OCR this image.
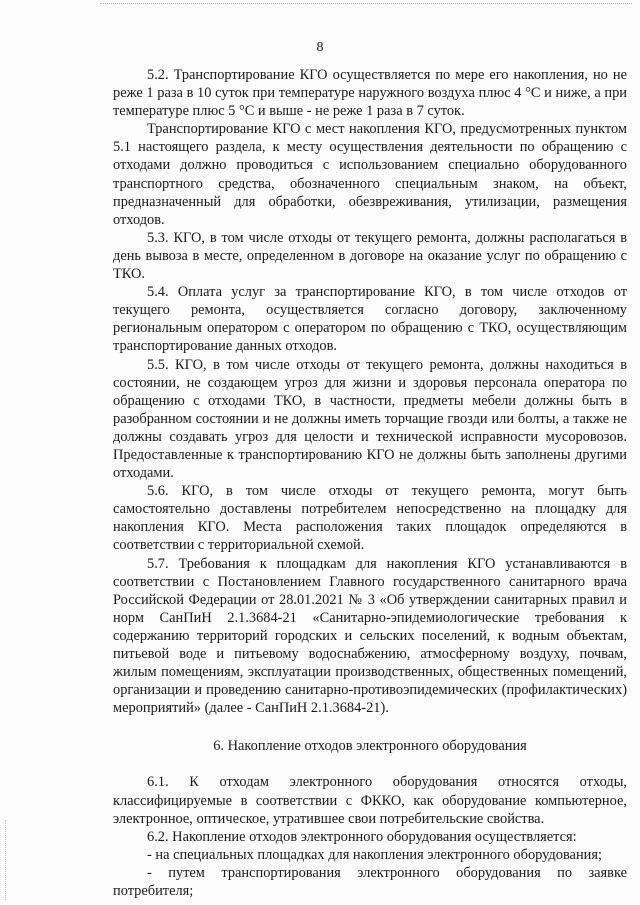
8

5.2. Транспортирование КГО осуществляется по мере его накопления, но не реже 1 раза в 10 суток при температуре наружного воздуха плюс 4 °С и ниже, а при температуре плюс 5 °С и выше - не реже 1 раза в 7 суток.

Транспортирование КГО с мест накопления КГО, предусмотренных пунктом 5.1 настоящего раздела, к месту осуществления деятельности по обращению с отходами должно проводиться с использованием специально оборудованного транспортного средства, обозначенного специальным знаком, на объект, предназначенный для обработки, обезвреживания, утилизации, размещения отходов.

5.3. КГО, в том числе отходы от текущего ремонта, должны располагаться в день вывоза в месте, определенном в договоре на оказание услуг по обращению с ТКО.

5.4. Оплата услуг за транспортирование КГО, в том числе отходов от текущего ремонта, осуществляется согласно договору, заключенному региональным оператором с оператором по обращению с ТКО, осуществляющим транспортирование данных отходов.

5.5. КГО, в том числе отходы от текущего ремонта, должны находиться в состоянии, не создающем угроз для жизни и здоровья персонала оператора по обращению с отходами ТКО, в частности, предметы мебели должны быть в разобранном состоянии и не должны иметь торчащие гвозди или болты, а также не должны создавать угроз для целости и технической исправности мусоровозов. Предоставленные к транспортированию КГО не должны быть заполнены другими отходами.

5.6. КГО, в том числе отходы от текущего ремонта, могут быть самостоятельно доставлены потребителем непосредственно на площадку для накопления КГО. Места расположения таких площадок определяются в соответствии с территориальной схемой.

5.7. Требования к площадкам для накопления КГО устанавливаются в соответствии с Постановлением Главного государственного санитарного врача Российской Федерации от 28.01.2021 № 3 «Об утверждении санитарных правил и норм СанПиН 2.1.3684-21 «Санитарно-эпидемиологические требования к содержанию территорий городских и сельских поселений, к водным объектам, питьевой воде и питьевому водоснабжению, атмосферному воздуху, почвам, жилым помещениям, эксплуатации производственных, общественных помещений, организации и проведению санитарно-противоэпидемических (профилактических) мероприятий» (далее - СанПиН 2.1.3684-21).

6. Накопление отходов электронного оборудования

6.1. К отходам электронного оборудования относятся отходы, классифицируемые в соответствии с ФККО, как оборудование компьютерное, электронное, оптическое, утратившее свои потребительские свойства.

6.2. Накопление отходов электронного оборудования осуществляется:

- на специальных площадках для накопления электронного оборудования;

- путем транспортирования электронного оборудования по заявке потребителя;
